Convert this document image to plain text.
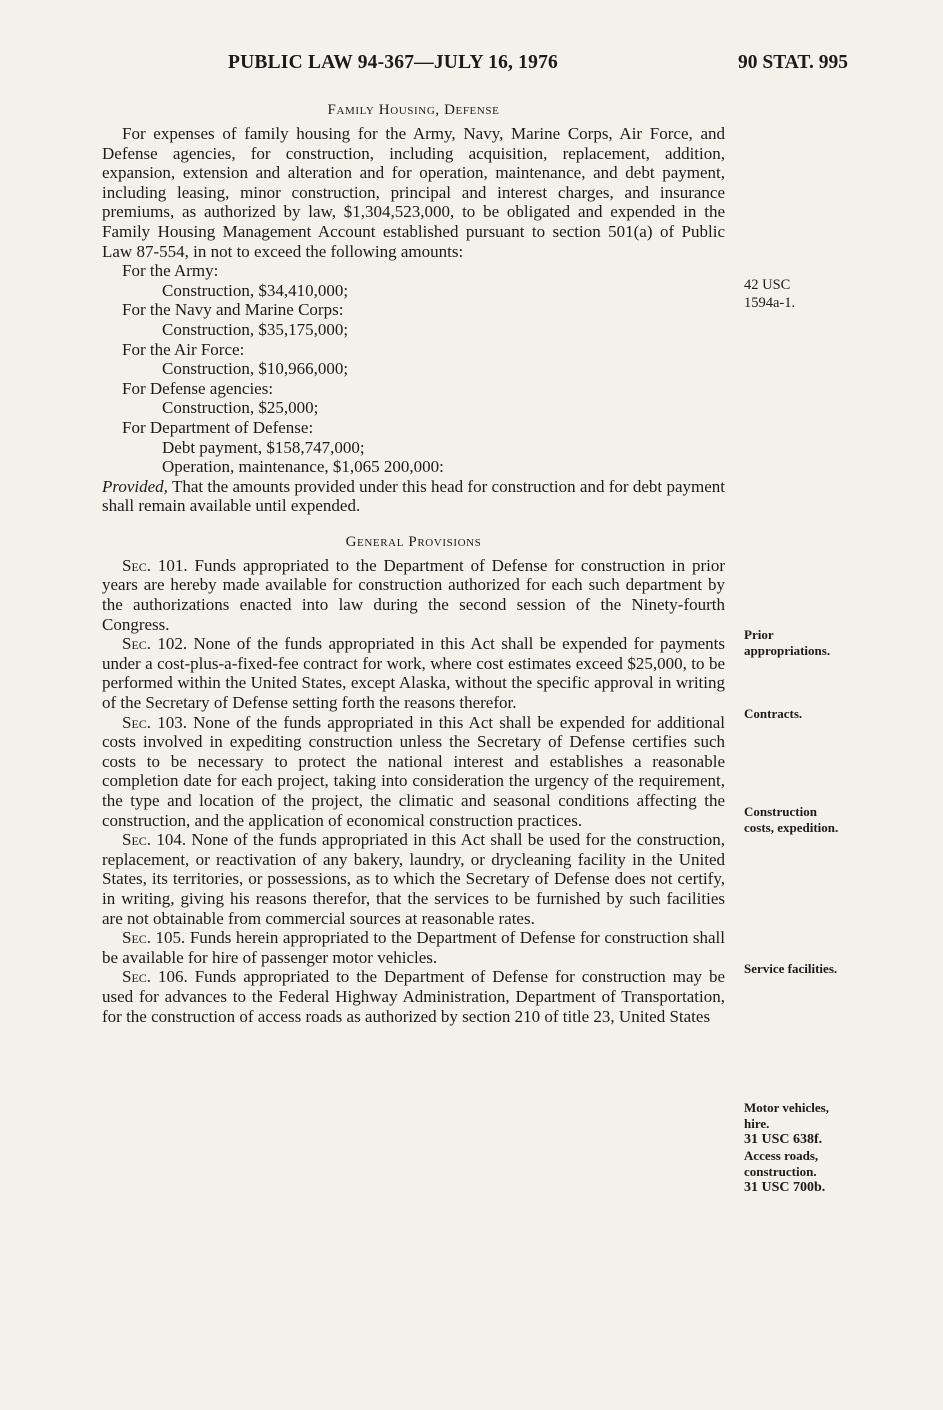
PUBLIC LAW 94-367—JULY 16, 1976	90 STAT. 995
Family Housing, Defense

For expenses of family housing for the Army, Navy, Marine Corps, Air Force, and Defense agencies, for construction, including acquisition, replacement, addition, expansion, extension and alteration and for operation, maintenance, and debt payment, including leasing, minor construction, principal and interest charges, and insurance premiums, as authorized by law, $1,304,523,000, to be obligated and expended in the Family Housing Management Account established pursuant to section 501(a) of Public Law 87-554, in not to exceed the following amounts:

For the Army:
Construction, $34,410,000;
For the Navy and Marine Corps:
Construction, $35,175,000;
For the Air Force:
Construction, $10,966,000;
For Defense agencies:
Construction, $25,000;
For Department of Defense:
Debt payment, $158,747,000;
Operation, maintenance, $1,065 200,000:

Provided, That the amounts provided under this head for construction and for debt payment shall remain available until expended.

General Provisions

Sec. 101. Funds appropriated to the Department of Defense for construction in prior years are hereby made available for construction authorized for each such department by the authorizations enacted into law during the second session of the Ninety-fourth Congress.

Sec. 102. None of the funds appropriated in this Act shall be expended for payments under a cost-plus-a-fixed-fee contract for work, where cost estimates exceed $25,000, to be performed within the United States, except Alaska, without the specific approval in writing of the Secretary of Defense setting forth the reasons therefor.

Sec. 103. None of the funds appropriated in this Act shall be expended for additional costs involved in expediting construction unless the Secretary of Defense certifies such costs to be necessary to protect the national interest and establishes a reasonable completion date for each project, taking into consideration the urgency of the requirement, the type and location of the project, the climatic and seasonal conditions affecting the construction, and the application of economical construction practices.

Sec. 104. None of the funds appropriated in this Act shall be used for the construction, replacement, or reactivation of any bakery, laundry, or drycleaning facility in the United States, its territories, or possessions, as to which the Secretary of Defense does not certify, in writing, giving his reasons therefor, that the services to be furnished by such facilities are not obtainable from commercial sources at reasonable rates.

Sec. 105. Funds herein appropriated to the Department of Defense for construction shall be available for hire of passenger motor vehicles.

Sec. 106. Funds appropriated to the Department of Defense for construction may be used for advances to the Federal Highway Administration, Department of Transportation, for the construction of access roads as authorized by section 210 of title 23, United States

42 USC
1594a-1.
Prior
appropriations.
Contracts.
Construction
costs, expedition.
Service facilities.
Motor vehicles,
hire.
31 USC 638f.
Access roads,
construction.
31 USC 700b.
